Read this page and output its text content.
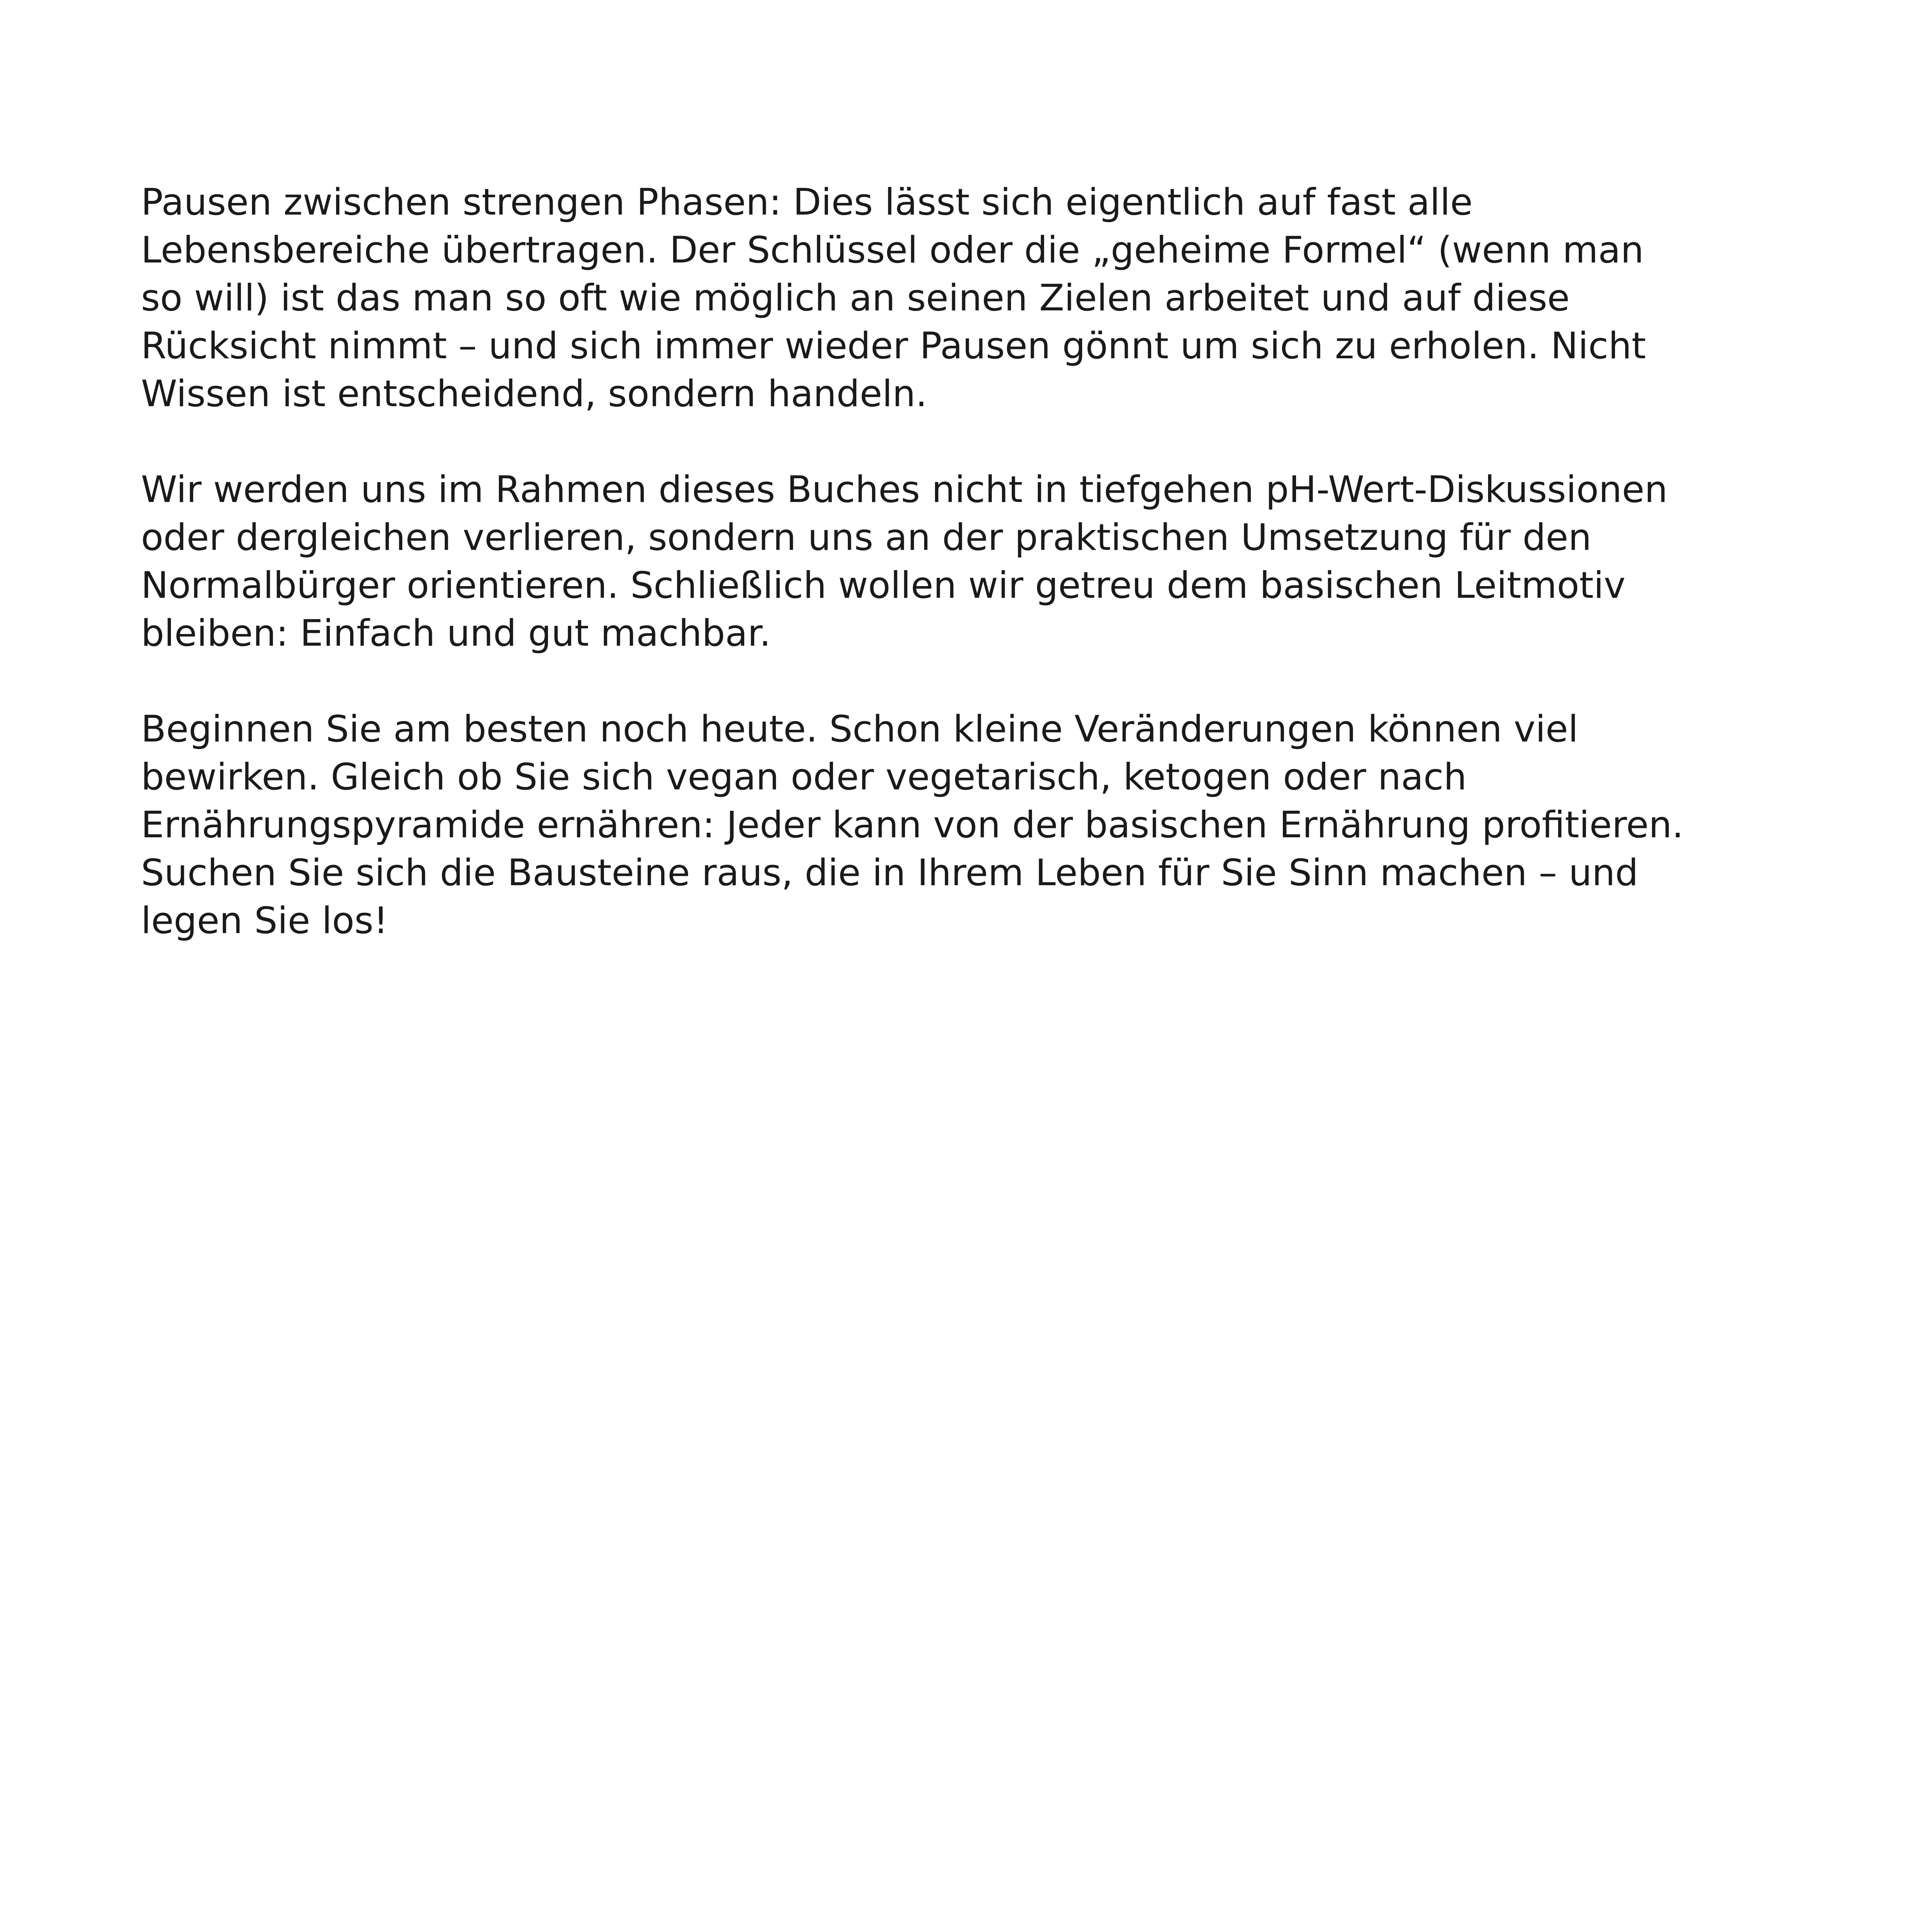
Pausen zwischen strengen Phasen: Dies lässt sich eigentlich auf fast alle
Lebensbereiche übertragen. Der Schlüssel oder die „geheime Formel“ (wenn man
so will) ist das man so oft wie möglich an seinen Zielen arbeitet und auf diese
Rücksicht nimmt – und sich immer wieder Pausen gönnt um sich zu erholen. Nicht
Wissen ist entscheidend, sondern handeln.

Wir werden uns im Rahmen dieses Buches nicht in tiefgehen pH-Wert-Diskussionen
oder dergleichen verlieren, sondern uns an der praktischen Umsetzung für den
Normalbürger orientieren. Schließlich wollen wir getreu dem basischen Leitmotiv
bleiben: Einfach und gut machbar.

Beginnen Sie am besten noch heute. Schon kleine Veränderungen können viel
bewirken. Gleich ob Sie sich vegan oder vegetarisch, ketogen oder nach
Ernährungspyramide ernähren: Jeder kann von der basischen Ernährung profitieren.
Suchen Sie sich die Bausteine raus, die in Ihrem Leben für Sie Sinn machen – und
legen Sie los!
